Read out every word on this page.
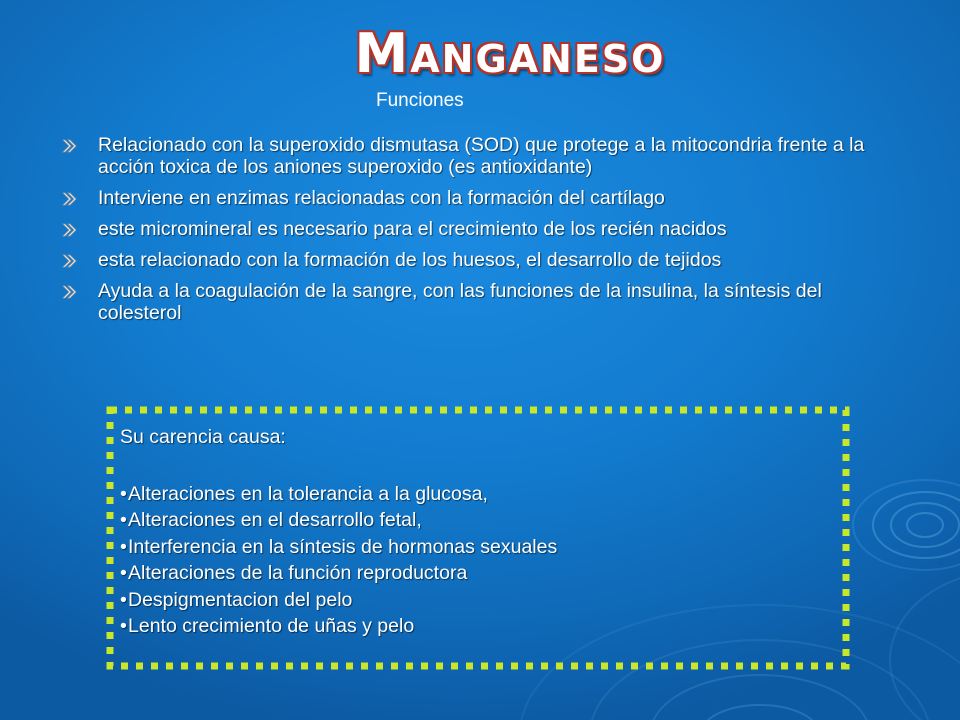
Manganeso
Funciones
Relacionado con la superoxido dismutasa (SOD) que protege a la mitocondria frente a la acción toxica de los aniones superoxido (es antioxidante)
Interviene en enzimas relacionadas con la formación del cartílago
este micromineral es necesario para el crecimiento de los recién nacidos
esta relacionado con la formación de los huesos, el desarrollo de tejidos
Ayuda a la coagulación de la sangre, con las funciones de la insulina, la síntesis del colesterol
Su carencia causa:
•Alteraciones en la tolerancia a la glucosa,
•Alteraciones en el desarrollo fetal,
•Interferencia en la síntesis de hormonas sexuales
•Alteraciones de la función reproductora
•Despigmentacion del pelo
•Lento crecimiento de uñas y pelo
